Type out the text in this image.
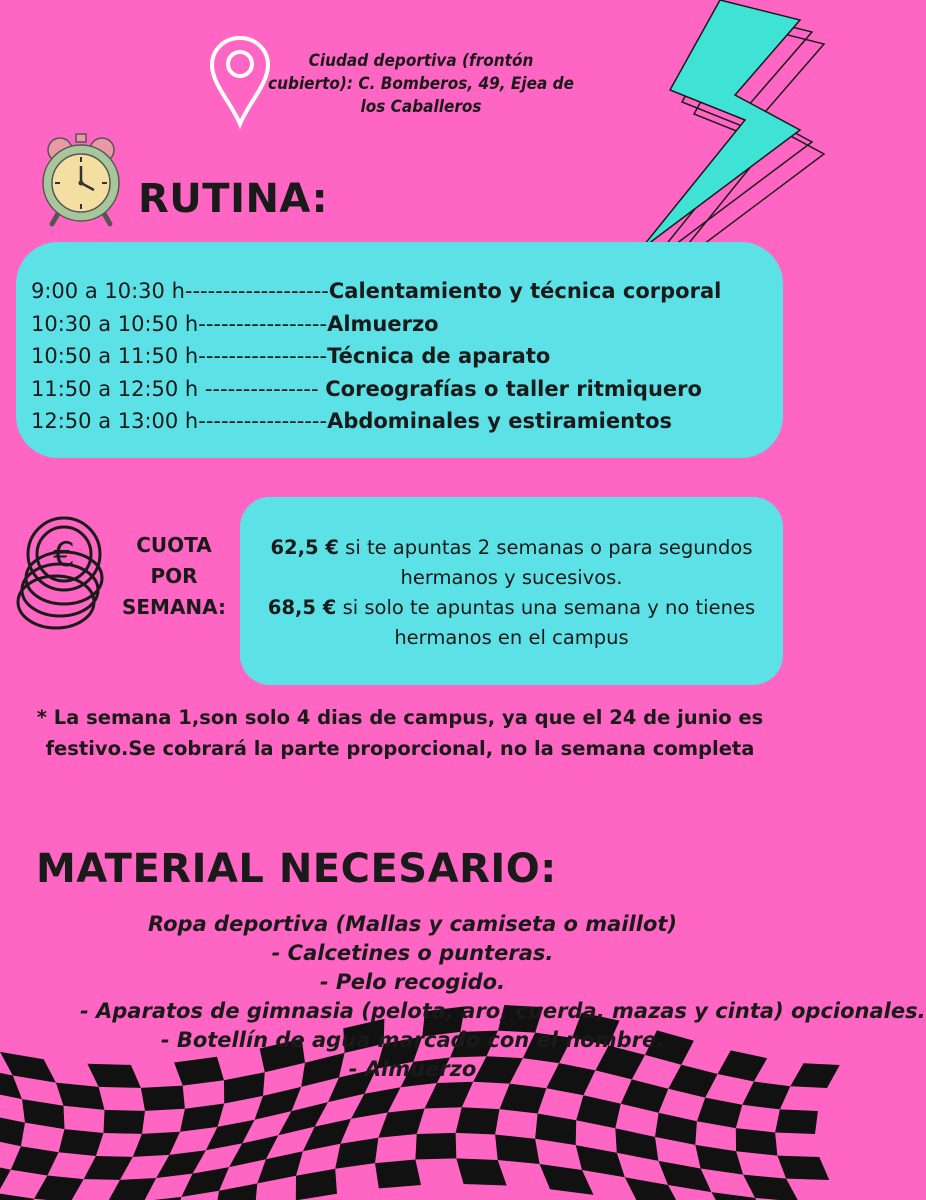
Ciudad deportiva (frontón
cubierto): C. Bomberos, 49, Ejea de
los Caballeros
RUTINA:
9:00 a 10:30 h-------------------Calentamiento y técnica corporal
10:30 a 10:50 h-----------------Almuerzo
10:50 a 11:50 h-----------------Técnica de aparato
11:50 a 12:50 h --------------- Coreografías o taller ritmiquero
12:50 a 13:00 h-----------------Abdominales y estiramientos
€	CUOTA
POR
SEMANA:
62,5 € si te apuntas 2 semanas o para segundos hermanos y sucesivos.
68,5 € si solo te apuntas una semana y no tienes hermanos en el campus
* La semana 1,son solo 4 dias de campus, ya que el 24 de junio es festivo.Se cobrará la parte proporcional, no la semana completa
MATERIAL NECESARIO:
Ropa deportiva (Mallas y camiseta o maillot)
- Calcetines o punteras.
- Pelo recogido.
- Aparatos de gimnasia (pelota, aro, cuerda, mazas y cinta) opcionales.
- Botellín de agua marcado con el nombre.
- Almuerzo
